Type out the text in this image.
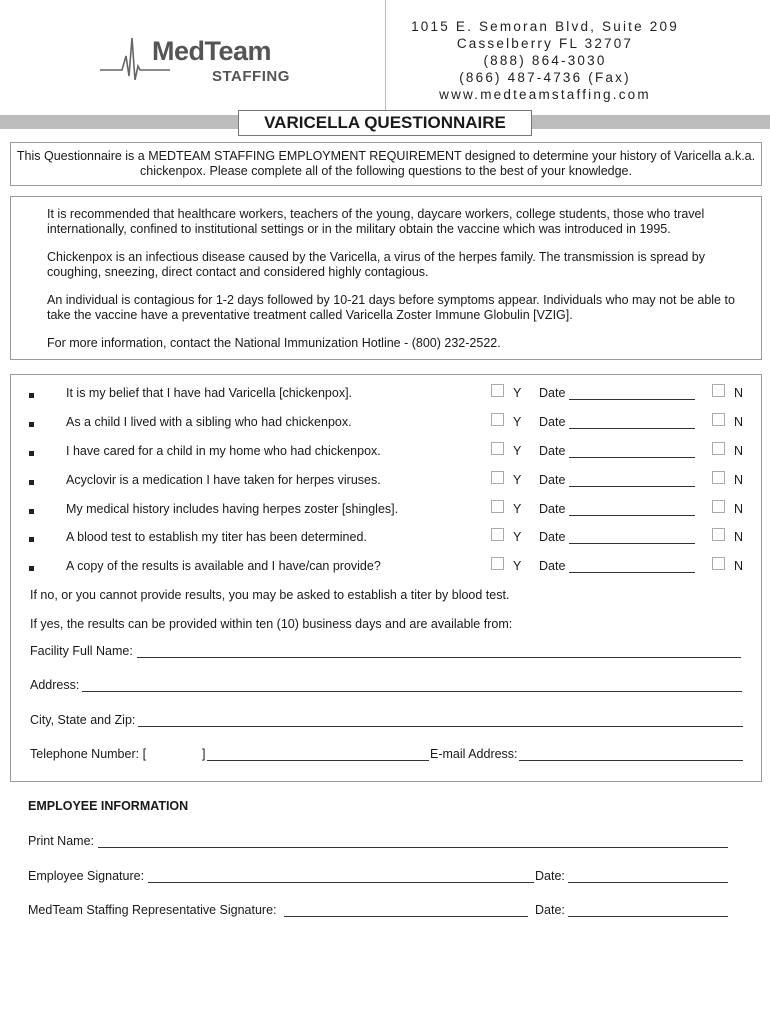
MedTeam
STAFFING
1015 E. Semoran Blvd, Suite 209
Casselberry FL 32707
(888) 864-3030
(866) 487-4736 (Fax)
www.medteamstaffing.com
VARICELLA QUESTIONNAIRE
This Questionnaire is a MEDTEAM STAFFING EMPLOYMENT REQUIREMENT designed to determine your history of Varicella a.k.a. chickenpox. Please complete all of the following questions to the best of your knowledge.

It is recommended that healthcare workers, teachers of the young, daycare workers, college students, those who travel internationally, confined to institutional settings or in the military obtain the vaccine which was introduced in 1995.

Chickenpox is an infectious disease caused by the Varicella, a virus of the herpes family. The transmission is spread by coughing, sneezing, direct contact and considered highly contagious.

An individual is contagious for 1-2 days followed by 10-21 days before symptoms appear. Individuals who may not be able to take the vaccine have a preventative treatment called Varicella Zoster Immune Globulin [VZIG].

For more information, contact the National Immunization Hotline - (800) 232-2522.

It is my belief that I have had Varicella [chickenpox].	Y Date	N
As a child I lived with a sibling who had chickenpox.	Y Date	N
I have cared for a child in my home who had chickenpox.	Y Date	N
Acyclovir is a medication I have taken for herpes viruses.	Y Date	N
My medical history includes having herpes zoster [shingles].	Y Date	N
A blood test to establish my titer has been determined.	Y Date	N
A copy of the results is available and I have/can provide?	Y Date	N
If no, or you cannot provide results, you may be asked to establish a titer by blood test.
If yes, the results can be provided within ten (10) business days and are available from:
Facility Full Name:
Address:
City, State and Zip:
Telephone Number: [	]	E-mail Address:
EMPLOYEE INFORMATION
Print Name:
Employee Signature:	Date:
MedTeam Staffing Representative Signature:	Date:
